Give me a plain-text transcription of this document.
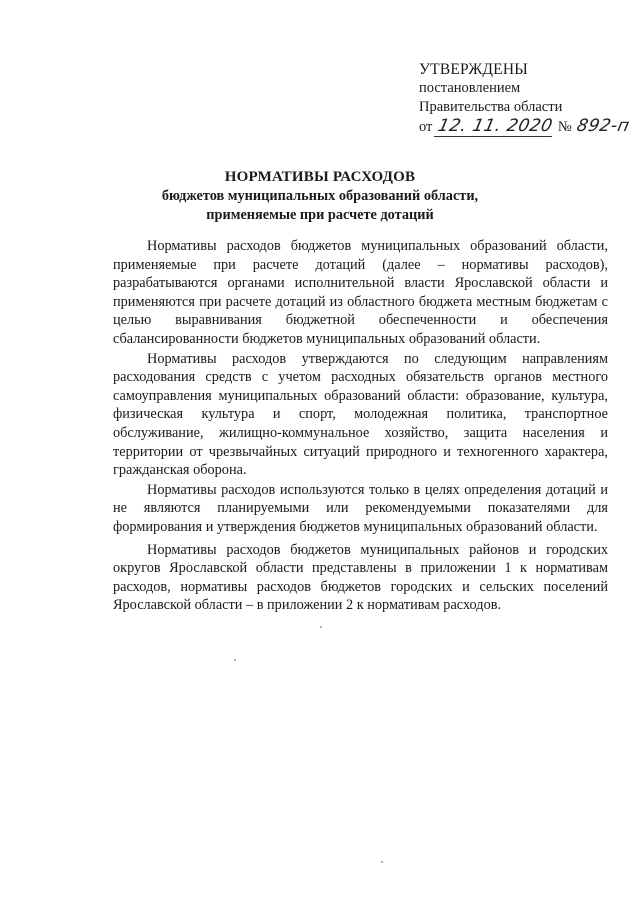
УТВЕРЖДЕНЫ
постановлением
Правительства области
от 12. 11. 2020 № 892-п
НОРМАТИВЫ РАСХОДОВ
бюджетов муниципальных образований области,
применяемые при расчете дотаций

Нормативы расходов бюджетов муниципальных образований области, применяемые при расчете дотаций (далее – нормативы расходов), разрабатываются органами исполнительной власти Ярославской области и применяются при расчете дотаций из областного бюджета местным бюджетам с целью выравнивания бюджетной обеспеченности и обеспечения сбалансированности бюджетов муниципальных образований области.

Нормативы расходов утверждаются по следующим направлениям расходования средств с учетом расходных обязательств органов местного самоуправления муниципальных образований области: образование, культура, физическая культура и спорт, молодежная политика, транспортное обслуживание, жилищно-коммунальное хозяйство, защита населения и территории от чрезвычайных ситуаций природного и техногенного характера, гражданская оборона.

Нормативы расходов используются только в целях определения дотаций и не являются планируемыми или рекомендуемыми показателями для формирования и утверждения бюджетов муниципальных образований области.

Нормативы расходов бюджетов муниципальных районов и городских округов Ярославской области представлены в приложении 1 к нормативам расходов, нормативы расходов бюджетов городских и сельских поселений Ярославской области – в приложении 2 к нормативам расходов.
